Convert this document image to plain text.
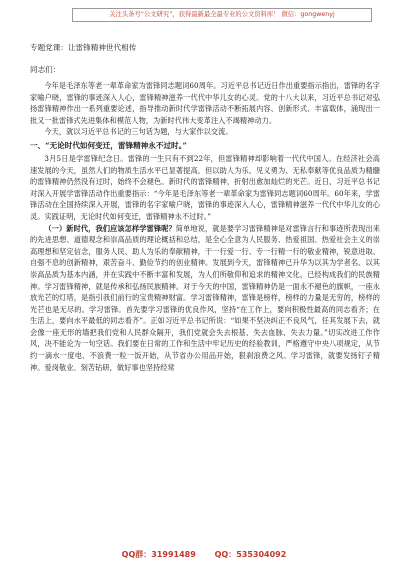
关注头条号“公文研究”，获得最新最全最专业的公文资料库！ 微信：gongwenyj
专题党课：让雷锋精神世代相传
同志们：

今年是毛泽东等老一辈革命家为雷锋同志题词60周年。习近平总书记近日作出重要指示指出，雷锋的名字家喻户晓，雷锋的事迹深入人心，雷锋精神滋养一代代中华儿女的心灵。党的十八大以来，习近平总书记对弘扬雷锋精神作出一系列重要论述，指导推动新时代学雷锋活动不断拓展内容、创新形式、丰富载体，涌现出一批又一批雷锋式先进集体和模范人物，为新时代伟大变革注入不竭精神动力。

今天，就以习近平总书记的三句话为题，与大家作以交流。

一、“无论时代如何变迁，雷锋精神永不过时。”

3月5日是学雷锋纪念日。雷锋的一生只有不到22年，但雷锋精神却影响着一代代中国人。在经济社会高速发展的今天，虽然人们的物质生活水平已显著提高，但以助人为乐、见义勇为、无私奉献等优良品质为精髓的雷锋精神仍然没有过时，始终不会褪色。新时代的雷锋精神，折射出愈加灿烂的光芒。近日，习近平总书记对深入开展学雷锋活动作出重要指示：“今年是毛泽东等老一辈革命家为雷锋同志题词60周年。60年来，学雷锋活动在全国持续深入开展，雷锋的名字家喻户晓，雷锋的事迹深入人心，雷锋精神滋养一代代中华儿女的心灵。实践证明，无论时代如何变迁，雷锋精神永不过时。”

（一）新时代，我们应该怎样学雷锋呢？简单地说，就是要学习雷锋精神是对雷锋言行和事迹所表现出来的先进思想、道德观念和崇高品质的理论概括和总结，是全心全意为人民服务、热爱祖国、热爱社会主义的崇高理想和坚定信念，服务人民、助人为乐的奉献精神，干一行爱一行、专一行精一行的敬业精神，锐意进取、自强不息的创新精神，艰苦奋斗、勤俭节约的创业精神。发展到今天，雷锋精神已升华为以其为学者名、以其崇高品质为基本内涵，并在实践中不断丰富和发展，为人们所敬仰和追求的精神文化，已经构成我们的民族精神。学习雷锋精神，就是传承和弘扬民族精神。对于今天的中国，雷锋精神仍是一面永不褪色的旗帜，一座永放光芒的灯塔，是指引我们前行的宝贵精神财富。学习雷锋精神，雷锋是榜样，榜样的力量是无穷的，榜样的光芒也是无尽的。学习雷锋。首先要学习雷锋的优良作风，坚持“在工作上，要向积极性最高的同志看齐；在生活上，要向水平最低的同志看齐”。正如习近平总书记所说：“如果不坚决纠正不良风气，任其发展下去，就会像一座无形的墙把我们党和人民群众隔开，我们党就会失去根基、失去血脉、失去力量。”切实改进工作作风，决不能论为一句空话。我们要在日常的工作和生活中牢记历史的经验教训，严格遵守中央八项规定，从节约一滴水一度电、不浪费一粒一饭开始，从节省办公用品开始，狠刹浪费之风。学习雷锋，就要发扬钉子精神。爱岗敬业、刻苦钻研，做好事也坚持经常

QQ群：31991489 QQ：535304092
